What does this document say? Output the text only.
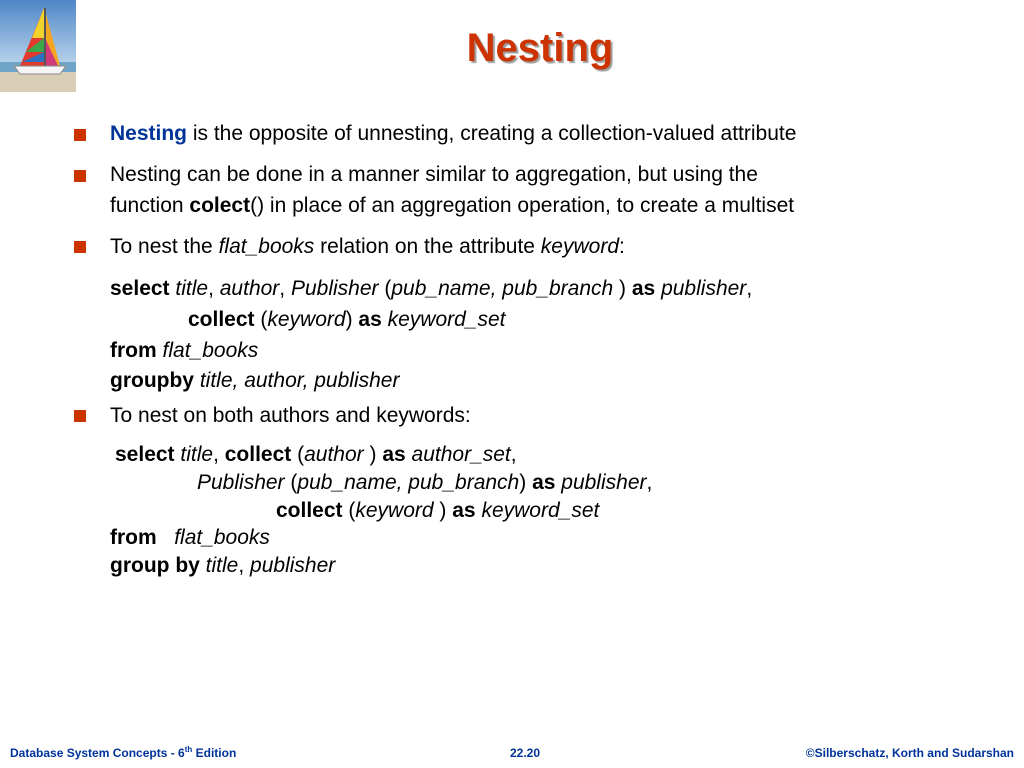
Nesting
Nesting is the opposite of unnesting, creating a collection-valued attribute
Nesting can be done in a manner similar to aggregation, but using the
function colect() in place of an aggregation operation, to create a multiset
To nest the flat_books relation on the attribute keyword:
select title, author, Publisher (pub_name, pub_branch ) as publisher,
collect (keyword) as keyword_set
from flat_books
groupby title, author, publisher
To nest on both authors and keywords:
select title, collect (author ) as author_set,
Publisher (pub_name, pub_branch) as publisher,
collect (keyword ) as keyword_set
from flat_books
group by title, publisher
Database System Concepts - 6th Edition	22.20	©Silberschatz, Korth and Sudarshan
